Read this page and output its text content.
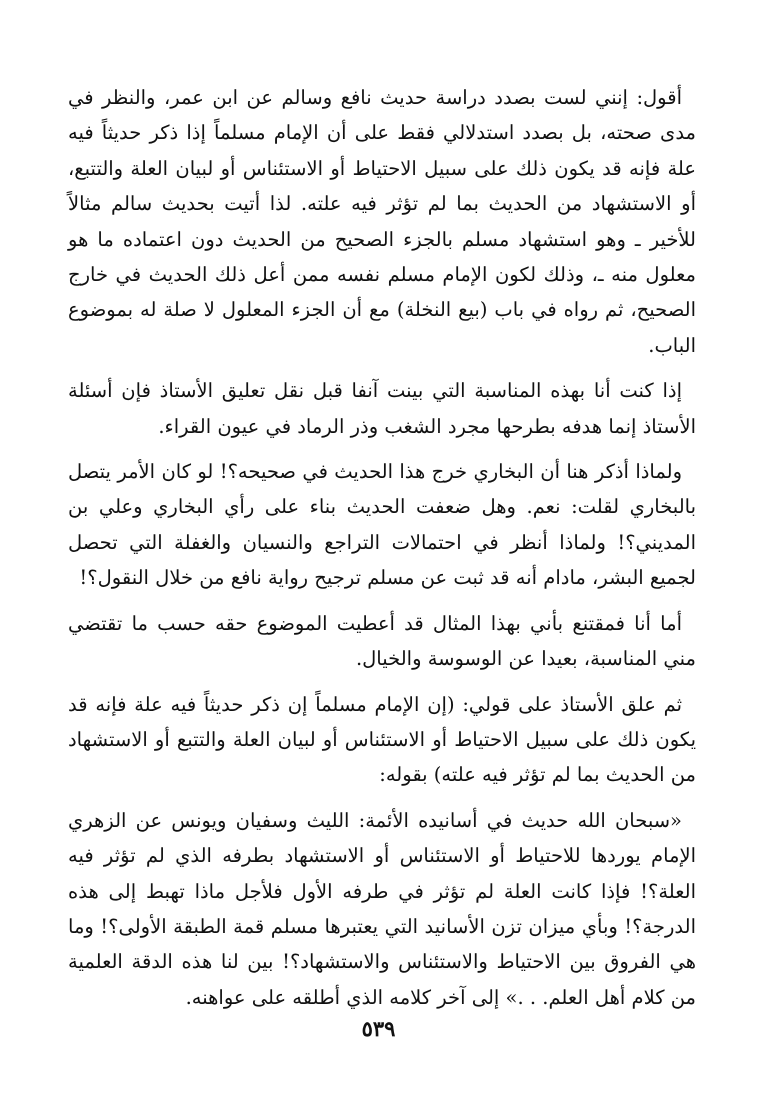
أقول: إنني لست بصدد دراسة حديث نافع وسالم عن ابن عمر، والنظر في مدى صحته، بل بصدد استدلالي فقط على أن الإمام مسلماً إذا ذكر حديثاً فيه علة فإنه قد يكون ذلك على سبيل الاحتياط أو الاستئناس أو لبيان العلة والتتبع، أو الاستشهاد من الحديث بما لم تؤثر فيه علته. لذا أتيت بحديث سالم مثالاً للأخير ـ وهو استشهاد مسلم بالجزء الصحيح من الحديث دون اعتماده ما هو معلول منه ـ، وذلك لكون الإمام مسلم نفسه ممن أعل ذلك الحديث في خارج الصحيح، ثم رواه في باب (بيع النخلة) مع أن الجزء المعلول لا صلة له بموضوع الباب.

إذا كنت أنا بهذه المناسبة التي بينت آنفا قبل نقل تعليق الأستاذ فإن أسئلة الأستاذ إنما هدفه بطرحها مجرد الشغب وذر الرماد في عيون القراء.

ولماذا أذكر هنا أن البخاري خرج هذا الحديث في صحيحه؟! لو كان الأمر يتصل بالبخاري لقلت: نعم. وهل ضعفت الحديث بناء على رأي البخاري وعلي بن المديني؟! ولماذا أنظر في احتمالات التراجع والنسيان والغفلة التي تحصل لجميع البشر، مادام أنه قد ثبت عن مسلم ترجيح رواية نافع من خلال النقول؟!

أما أنا فمقتنع بأني بهذا المثال قد أعطيت الموضوع حقه حسب ما تقتضي مني المناسبة، بعيدا عن الوسوسة والخيال.

ثم علق الأستاذ على قولي: (إن الإمام مسلماً إن ذكر حديثاً فيه علة فإنه قد يكون ذلك على سبيل الاحتياط أو الاستئناس أو لبيان العلة والتتبع أو الاستشهاد من الحديث بما لم تؤثر فيه علته) بقوله:

«سبحان الله حديث في أسانيده الأئمة: الليث وسفيان ويونس عن الزهري الإمام يوردها للاحتياط أو الاستئناس أو الاستشهاد بطرفه الذي لم تؤثر فيه العلة؟! فإذا كانت العلة لم تؤثر في طرفه الأول فلأجل ماذا تهبط إلى هذه الدرجة؟! وبأي ميزان تزن الأسانيد التي يعتبرها مسلم قمة الطبقة الأولى؟! وما هي الفروق بين الاحتياط والاستئناس والاستشهاد؟! بين لنا هذه الدقة العلمية من كلام أهل العلم. . .» إلى آخر كلامه الذي أطلقه على عواهنه.

٥٣٩
